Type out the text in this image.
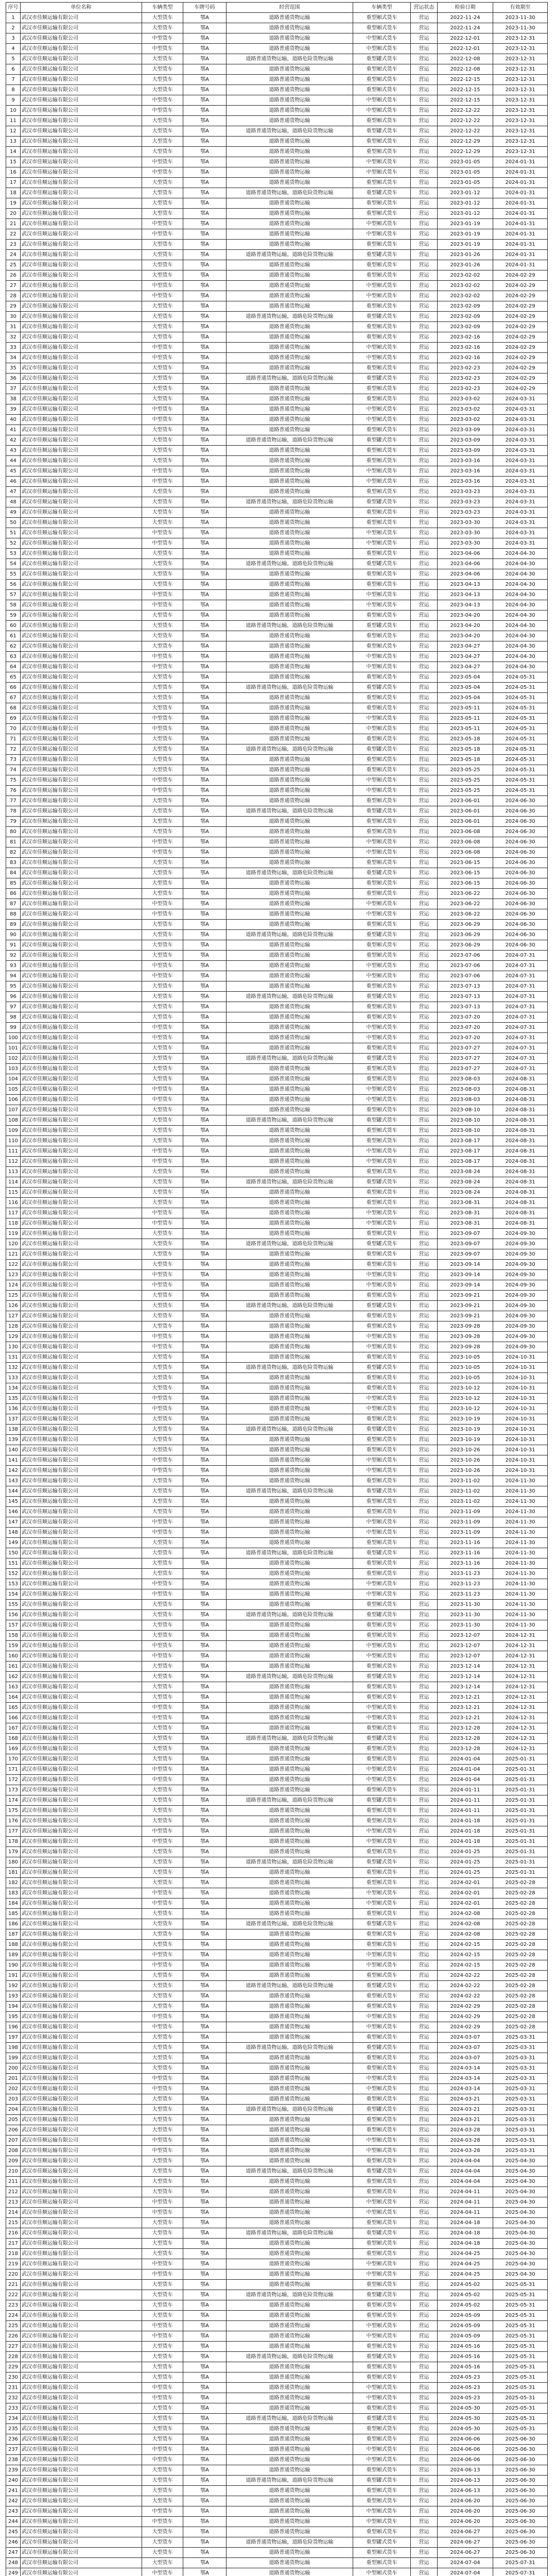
序号	单位名称	车辆类型	车牌号码	经营范围	车辆类型	营运状态	检验日期	有效期至
1	武汉市佳顺运输有限公司	大型货车	鄂A	道路普通货物运输	重型厢式货车	营运	2022-11-24	2023-11-30
2	武汉市佳顺运输有限公司	大型货车	鄂A	道路普通货物运输	重型厢式货车	营运	2022-11-24	2023-11-30
3	武汉市佳顺运输有限公司	中型货车	鄂A	道路普通货物运输	中型厢式货车	营运	2022-12-01	2023-12-31
4	武汉市佳顺运输有限公司	中型货车	鄂A	道路普通货物运输	中型厢式货车	营运	2022-12-01	2023-12-31
5	武汉市佳顺运输有限公司	大型货车	鄂A	道路普通货物运输，道路危险货物运输	重型罐式货车	营运	2022-12-08	2023-12-31
6	武汉市佳顺运输有限公司	大型货车	鄂A	道路普通货物运输	重型厢式货车	营运	2022-12-08	2023-12-31
7	武汉市佳顺运输有限公司	大型货车	鄂A	道路普通货物运输	重型厢式货车	营运	2022-12-15	2023-12-31
8	武汉市佳顺运输有限公司	大型货车	鄂A	道路普通货物运输	重型厢式货车	营运	2022-12-15	2023-12-31
9	武汉市佳顺运输有限公司	中型货车	鄂A	道路普通货物运输	中型厢式货车	营运	2022-12-15	2023-12-31
10	武汉市佳顺运输有限公司	中型货车	鄂A	道路普通货物运输	中型厢式货车	营运	2022-12-22	2023-12-31
11	武汉市佳顺运输有限公司	大型货车	鄂A	道路普通货物运输	重型厢式货车	营运	2022-12-22	2023-12-31
12	武汉市佳顺运输有限公司	大型货车	鄂A	道路普通货物运输，道路危险货物运输	重型罐式货车	营运	2022-12-22	2023-12-31
13	武汉市佳顺运输有限公司	大型货车	鄂A	道路普通货物运输	重型厢式货车	营运	2022-12-29	2023-12-31
14	武汉市佳顺运输有限公司	大型货车	鄂A	道路普通货物运输	重型厢式货车	营运	2022-12-29	2023-12-31
15	武汉市佳顺运输有限公司	中型货车	鄂A	道路普通货物运输	中型厢式货车	营运	2023-01-05	2024-01-31
16	武汉市佳顺运输有限公司	中型货车	鄂A	道路普通货物运输	中型厢式货车	营运	2023-01-05	2024-01-31
17	武汉市佳顺运输有限公司	大型货车	鄂A	道路普通货物运输	重型厢式货车	营运	2023-01-05	2024-01-31
18	武汉市佳顺运输有限公司	大型货车	鄂A	道路普通货物运输，道路危险货物运输	重型罐式货车	营运	2023-01-12	2024-01-31
19	武汉市佳顺运输有限公司	大型货车	鄂A	道路普通货物运输	重型厢式货车	营运	2023-01-12	2024-01-31
20	武汉市佳顺运输有限公司	大型货车	鄂A	道路普通货物运输	重型厢式货车	营运	2023-01-12	2024-01-31
21	武汉市佳顺运输有限公司	中型货车	鄂A	道路普通货物运输	中型厢式货车	营运	2023-01-19	2024-01-31
22	武汉市佳顺运输有限公司	中型货车	鄂A	道路普通货物运输	中型厢式货车	营运	2023-01-19	2024-01-31
23	武汉市佳顺运输有限公司	大型货车	鄂A	道路普通货物运输	重型厢式货车	营运	2023-01-19	2024-01-31
24	武汉市佳顺运输有限公司	大型货车	鄂A	道路普通货物运输，道路危险货物运输	重型罐式货车	营运	2023-01-26	2024-01-31
25	武汉市佳顺运输有限公司	大型货车	鄂A	道路普通货物运输	重型厢式货车	营运	2023-01-26	2024-01-31
26	武汉市佳顺运输有限公司	大型货车	鄂A	道路普通货物运输	重型厢式货车	营运	2023-02-02	2024-02-29
27	武汉市佳顺运输有限公司	中型货车	鄂A	道路普通货物运输	中型厢式货车	营运	2023-02-02	2024-02-29
28	武汉市佳顺运输有限公司	中型货车	鄂A	道路普通货物运输	中型厢式货车	营运	2023-02-02	2024-02-29
29	武汉市佳顺运输有限公司	大型货车	鄂A	道路普通货物运输	重型厢式货车	营运	2023-02-09	2024-02-29
30	武汉市佳顺运输有限公司	大型货车	鄂A	道路普通货物运输，道路危险货物运输	重型罐式货车	营运	2023-02-09	2024-02-29
31	武汉市佳顺运输有限公司	大型货车	鄂A	道路普通货物运输	重型厢式货车	营运	2023-02-09	2024-02-29
32	武汉市佳顺运输有限公司	大型货车	鄂A	道路普通货物运输	重型厢式货车	营运	2023-02-16	2024-02-29
33	武汉市佳顺运输有限公司	中型货车	鄂A	道路普通货物运输	中型厢式货车	营运	2023-02-16	2024-02-29
34	武汉市佳顺运输有限公司	中型货车	鄂A	道路普通货物运输	中型厢式货车	营运	2023-02-16	2024-02-29
35	武汉市佳顺运输有限公司	大型货车	鄂A	道路普通货物运输	重型厢式货车	营运	2023-02-23	2024-02-29
36	武汉市佳顺运输有限公司	大型货车	鄂A	道路普通货物运输，道路危险货物运输	重型罐式货车	营运	2023-02-23	2024-02-29
37	武汉市佳顺运输有限公司	大型货车	鄂A	道路普通货物运输	重型厢式货车	营运	2023-02-23	2024-02-29
38	武汉市佳顺运输有限公司	大型货车	鄂A	道路普通货物运输	重型厢式货车	营运	2023-03-02	2024-03-31
39	武汉市佳顺运输有限公司	中型货车	鄂A	道路普通货物运输	中型厢式货车	营运	2023-03-02	2024-03-31
40	武汉市佳顺运输有限公司	中型货车	鄂A	道路普通货物运输	中型厢式货车	营运	2023-03-02	2024-03-31
41	武汉市佳顺运输有限公司	大型货车	鄂A	道路普通货物运输	重型厢式货车	营运	2023-03-09	2024-03-31
42	武汉市佳顺运输有限公司	大型货车	鄂A	道路普通货物运输，道路危险货物运输	重型罐式货车	营运	2023-03-09	2024-03-31
43	武汉市佳顺运输有限公司	大型货车	鄂A	道路普通货物运输	重型厢式货车	营运	2023-03-09	2024-03-31
44	武汉市佳顺运输有限公司	大型货车	鄂A	道路普通货物运输	重型厢式货车	营运	2023-03-16	2024-03-31
45	武汉市佳顺运输有限公司	中型货车	鄂A	道路普通货物运输	中型厢式货车	营运	2023-03-16	2024-03-31
46	武汉市佳顺运输有限公司	中型货车	鄂A	道路普通货物运输	中型厢式货车	营运	2023-03-16	2024-03-31
47	武汉市佳顺运输有限公司	大型货车	鄂A	道路普通货物运输	重型厢式货车	营运	2023-03-23	2024-03-31
48	武汉市佳顺运输有限公司	大型货车	鄂A	道路普通货物运输，道路危险货物运输	重型罐式货车	营运	2023-03-23	2024-03-31
49	武汉市佳顺运输有限公司	大型货车	鄂A	道路普通货物运输	重型厢式货车	营运	2023-03-23	2024-03-31
50	武汉市佳顺运输有限公司	大型货车	鄂A	道路普通货物运输	重型厢式货车	营运	2023-03-30	2024-03-31
51	武汉市佳顺运输有限公司	中型货车	鄂A	道路普通货物运输	中型厢式货车	营运	2023-03-30	2024-03-31
52	武汉市佳顺运输有限公司	中型货车	鄂A	道路普通货物运输	中型厢式货车	营运	2023-03-30	2024-03-31
53	武汉市佳顺运输有限公司	大型货车	鄂A	道路普通货物运输	重型厢式货车	营运	2023-04-06	2024-04-30
54	武汉市佳顺运输有限公司	大型货车	鄂A	道路普通货物运输，道路危险货物运输	重型罐式货车	营运	2023-04-06	2024-04-30
55	武汉市佳顺运输有限公司	大型货车	鄂A	道路普通货物运输	重型厢式货车	营运	2023-04-06	2024-04-30
56	武汉市佳顺运输有限公司	大型货车	鄂A	道路普通货物运输	重型厢式货车	营运	2023-04-13	2024-04-30
57	武汉市佳顺运输有限公司	中型货车	鄂A	道路普通货物运输	中型厢式货车	营运	2023-04-13	2024-04-30
58	武汉市佳顺运输有限公司	中型货车	鄂A	道路普通货物运输	中型厢式货车	营运	2023-04-13	2024-04-30
59	武汉市佳顺运输有限公司	大型货车	鄂A	道路普通货物运输	重型厢式货车	营运	2023-04-20	2024-04-30
60	武汉市佳顺运输有限公司	大型货车	鄂A	道路普通货物运输，道路危险货物运输	重型罐式货车	营运	2023-04-20	2024-04-30
61	武汉市佳顺运输有限公司	大型货车	鄂A	道路普通货物运输	重型厢式货车	营运	2023-04-20	2024-04-30
62	武汉市佳顺运输有限公司	大型货车	鄂A	道路普通货物运输	重型厢式货车	营运	2023-04-27	2024-04-30
63	武汉市佳顺运输有限公司	中型货车	鄂A	道路普通货物运输	中型厢式货车	营运	2023-04-27	2024-04-30
64	武汉市佳顺运输有限公司	中型货车	鄂A	道路普通货物运输	中型厢式货车	营运	2023-04-27	2024-04-30
65	武汉市佳顺运输有限公司	大型货车	鄂A	道路普通货物运输	重型厢式货车	营运	2023-05-04	2024-05-31
66	武汉市佳顺运输有限公司	大型货车	鄂A	道路普通货物运输，道路危险货物运输	重型罐式货车	营运	2023-05-04	2024-05-31
67	武汉市佳顺运输有限公司	大型货车	鄂A	道路普通货物运输	重型厢式货车	营运	2023-05-04	2024-05-31
68	武汉市佳顺运输有限公司	大型货车	鄂A	道路普通货物运输	重型厢式货车	营运	2023-05-11	2024-05-31
69	武汉市佳顺运输有限公司	中型货车	鄂A	道路普通货物运输	中型厢式货车	营运	2023-05-11	2024-05-31
70	武汉市佳顺运输有限公司	中型货车	鄂A	道路普通货物运输	中型厢式货车	营运	2023-05-11	2024-05-31
71	武汉市佳顺运输有限公司	大型货车	鄂A	道路普通货物运输	重型厢式货车	营运	2023-05-18	2024-05-31
72	武汉市佳顺运输有限公司	大型货车	鄂A	道路普通货物运输，道路危险货物运输	重型罐式货车	营运	2023-05-18	2024-05-31
73	武汉市佳顺运输有限公司	大型货车	鄂A	道路普通货物运输	重型厢式货车	营运	2023-05-18	2024-05-31
74	武汉市佳顺运输有限公司	大型货车	鄂A	道路普通货物运输	重型厢式货车	营运	2023-05-25	2024-05-31
75	武汉市佳顺运输有限公司	中型货车	鄂A	道路普通货物运输	中型厢式货车	营运	2023-05-25	2024-05-31
76	武汉市佳顺运输有限公司	中型货车	鄂A	道路普通货物运输	中型厢式货车	营运	2023-05-25	2024-05-31
77	武汉市佳顺运输有限公司	大型货车	鄂A	道路普通货物运输	重型厢式货车	营运	2023-06-01	2024-06-30
78	武汉市佳顺运输有限公司	大型货车	鄂A	道路普通货物运输，道路危险货物运输	重型罐式货车	营运	2023-06-01	2024-06-30
79	武汉市佳顺运输有限公司	大型货车	鄂A	道路普通货物运输	重型厢式货车	营运	2023-06-01	2024-06-30
80	武汉市佳顺运输有限公司	大型货车	鄂A	道路普通货物运输	重型厢式货车	营运	2023-06-08	2024-06-30
81	武汉市佳顺运输有限公司	中型货车	鄂A	道路普通货物运输	中型厢式货车	营运	2023-06-08	2024-06-30
82	武汉市佳顺运输有限公司	中型货车	鄂A	道路普通货物运输	中型厢式货车	营运	2023-06-08	2024-06-30
83	武汉市佳顺运输有限公司	大型货车	鄂A	道路普通货物运输	重型厢式货车	营运	2023-06-15	2024-06-30
84	武汉市佳顺运输有限公司	大型货车	鄂A	道路普通货物运输，道路危险货物运输	重型罐式货车	营运	2023-06-15	2024-06-30
85	武汉市佳顺运输有限公司	大型货车	鄂A	道路普通货物运输	重型厢式货车	营运	2023-06-15	2024-06-30
86	武汉市佳顺运输有限公司	大型货车	鄂A	道路普通货物运输	重型厢式货车	营运	2023-06-22	2024-06-30
87	武汉市佳顺运输有限公司	中型货车	鄂A	道路普通货物运输	中型厢式货车	营运	2023-06-22	2024-06-30
88	武汉市佳顺运输有限公司	中型货车	鄂A	道路普通货物运输	中型厢式货车	营运	2023-06-22	2024-06-30
89	武汉市佳顺运输有限公司	大型货车	鄂A	道路普通货物运输	重型厢式货车	营运	2023-06-29	2024-06-30
90	武汉市佳顺运输有限公司	大型货车	鄂A	道路普通货物运输，道路危险货物运输	重型罐式货车	营运	2023-06-29	2024-06-30
91	武汉市佳顺运输有限公司	大型货车	鄂A	道路普通货物运输	重型厢式货车	营运	2023-06-29	2024-06-30
92	武汉市佳顺运输有限公司	大型货车	鄂A	道路普通货物运输	重型厢式货车	营运	2023-07-06	2024-07-31
93	武汉市佳顺运输有限公司	中型货车	鄂A	道路普通货物运输	中型厢式货车	营运	2023-07-06	2024-07-31
94	武汉市佳顺运输有限公司	中型货车	鄂A	道路普通货物运输	中型厢式货车	营运	2023-07-06	2024-07-31
95	武汉市佳顺运输有限公司	大型货车	鄂A	道路普通货物运输	重型厢式货车	营运	2023-07-13	2024-07-31
96	武汉市佳顺运输有限公司	大型货车	鄂A	道路普通货物运输，道路危险货物运输	重型罐式货车	营运	2023-07-13	2024-07-31
97	武汉市佳顺运输有限公司	大型货车	鄂A	道路普通货物运输	重型厢式货车	营运	2023-07-13	2024-07-31
98	武汉市佳顺运输有限公司	大型货车	鄂A	道路普通货物运输	重型厢式货车	营运	2023-07-20	2024-07-31
99	武汉市佳顺运输有限公司	中型货车	鄂A	道路普通货物运输	中型厢式货车	营运	2023-07-20	2024-07-31
100	武汉市佳顺运输有限公司	中型货车	鄂A	道路普通货物运输	中型厢式货车	营运	2023-07-20	2024-07-31
101	武汉市佳顺运输有限公司	大型货车	鄂A	道路普通货物运输	重型厢式货车	营运	2023-07-27	2024-07-31
102	武汉市佳顺运输有限公司	大型货车	鄂A	道路普通货物运输，道路危险货物运输	重型罐式货车	营运	2023-07-27	2024-07-31
103	武汉市佳顺运输有限公司	大型货车	鄂A	道路普通货物运输	重型厢式货车	营运	2023-07-27	2024-07-31
104	武汉市佳顺运输有限公司	大型货车	鄂A	道路普通货物运输	重型厢式货车	营运	2023-08-03	2024-08-31
105	武汉市佳顺运输有限公司	中型货车	鄂A	道路普通货物运输	中型厢式货车	营运	2023-08-03	2024-08-31
106	武汉市佳顺运输有限公司	中型货车	鄂A	道路普通货物运输	中型厢式货车	营运	2023-08-03	2024-08-31
107	武汉市佳顺运输有限公司	大型货车	鄂A	道路普通货物运输	重型厢式货车	营运	2023-08-10	2024-08-31
108	武汉市佳顺运输有限公司	大型货车	鄂A	道路普通货物运输，道路危险货物运输	重型罐式货车	营运	2023-08-10	2024-08-31
109	武汉市佳顺运输有限公司	大型货车	鄂A	道路普通货物运输	重型厢式货车	营运	2023-08-10	2024-08-31
110	武汉市佳顺运输有限公司	大型货车	鄂A	道路普通货物运输	重型厢式货车	营运	2023-08-17	2024-08-31
111	武汉市佳顺运输有限公司	中型货车	鄂A	道路普通货物运输	中型厢式货车	营运	2023-08-17	2024-08-31
112	武汉市佳顺运输有限公司	中型货车	鄂A	道路普通货物运输	中型厢式货车	营运	2023-08-17	2024-08-31
113	武汉市佳顺运输有限公司	大型货车	鄂A	道路普通货物运输	重型厢式货车	营运	2023-08-24	2024-08-31
114	武汉市佳顺运输有限公司	大型货车	鄂A	道路普通货物运输，道路危险货物运输	重型罐式货车	营运	2023-08-24	2024-08-31
115	武汉市佳顺运输有限公司	大型货车	鄂A	道路普通货物运输	重型厢式货车	营运	2023-08-24	2024-08-31
116	武汉市佳顺运输有限公司	大型货车	鄂A	道路普通货物运输	重型厢式货车	营运	2023-08-31	2024-08-31
117	武汉市佳顺运输有限公司	中型货车	鄂A	道路普通货物运输	中型厢式货车	营运	2023-08-31	2024-08-31
118	武汉市佳顺运输有限公司	中型货车	鄂A	道路普通货物运输	中型厢式货车	营运	2023-08-31	2024-08-31
119	武汉市佳顺运输有限公司	大型货车	鄂A	道路普通货物运输	重型厢式货车	营运	2023-09-07	2024-09-30
120	武汉市佳顺运输有限公司	大型货车	鄂A	道路普通货物运输，道路危险货物运输	重型罐式货车	营运	2023-09-07	2024-09-30
121	武汉市佳顺运输有限公司	大型货车	鄂A	道路普通货物运输	重型厢式货车	营运	2023-09-07	2024-09-30
122	武汉市佳顺运输有限公司	大型货车	鄂A	道路普通货物运输	重型厢式货车	营运	2023-09-14	2024-09-30
123	武汉市佳顺运输有限公司	中型货车	鄂A	道路普通货物运输	中型厢式货车	营运	2023-09-14	2024-09-30
124	武汉市佳顺运输有限公司	中型货车	鄂A	道路普通货物运输	中型厢式货车	营运	2023-09-14	2024-09-30
125	武汉市佳顺运输有限公司	大型货车	鄂A	道路普通货物运输	重型厢式货车	营运	2023-09-21	2024-09-30
126	武汉市佳顺运输有限公司	大型货车	鄂A	道路普通货物运输，道路危险货物运输	重型罐式货车	营运	2023-09-21	2024-09-30
127	武汉市佳顺运输有限公司	大型货车	鄂A	道路普通货物运输	重型厢式货车	营运	2023-09-21	2024-09-30
128	武汉市佳顺运输有限公司	大型货车	鄂A	道路普通货物运输	重型厢式货车	营运	2023-09-28	2024-09-30
129	武汉市佳顺运输有限公司	中型货车	鄂A	道路普通货物运输	中型厢式货车	营运	2023-09-28	2024-09-30
130	武汉市佳顺运输有限公司	中型货车	鄂A	道路普通货物运输	中型厢式货车	营运	2023-09-28	2024-09-30
131	武汉市佳顺运输有限公司	大型货车	鄂A	道路普通货物运输	重型厢式货车	营运	2023-10-05	2024-10-31
132	武汉市佳顺运输有限公司	大型货车	鄂A	道路普通货物运输，道路危险货物运输	重型罐式货车	营运	2023-10-05	2024-10-31
133	武汉市佳顺运输有限公司	大型货车	鄂A	道路普通货物运输	重型厢式货车	营运	2023-10-05	2024-10-31
134	武汉市佳顺运输有限公司	大型货车	鄂A	道路普通货物运输	重型厢式货车	营运	2023-10-12	2024-10-31
135	武汉市佳顺运输有限公司	中型货车	鄂A	道路普通货物运输	中型厢式货车	营运	2023-10-12	2024-10-31
136	武汉市佳顺运输有限公司	中型货车	鄂A	道路普通货物运输	中型厢式货车	营运	2023-10-12	2024-10-31
137	武汉市佳顺运输有限公司	大型货车	鄂A	道路普通货物运输	重型厢式货车	营运	2023-10-19	2024-10-31
138	武汉市佳顺运输有限公司	大型货车	鄂A	道路普通货物运输，道路危险货物运输	重型罐式货车	营运	2023-10-19	2024-10-31
139	武汉市佳顺运输有限公司	大型货车	鄂A	道路普通货物运输	重型厢式货车	营运	2023-10-19	2024-10-31
140	武汉市佳顺运输有限公司	大型货车	鄂A	道路普通货物运输	重型厢式货车	营运	2023-10-26	2024-10-31
141	武汉市佳顺运输有限公司	中型货车	鄂A	道路普通货物运输	中型厢式货车	营运	2023-10-26	2024-10-31
142	武汉市佳顺运输有限公司	中型货车	鄂A	道路普通货物运输	中型厢式货车	营运	2023-10-26	2024-10-31
143	武汉市佳顺运输有限公司	大型货车	鄂A	道路普通货物运输	重型厢式货车	营运	2023-11-02	2024-11-30
144	武汉市佳顺运输有限公司	大型货车	鄂A	道路普通货物运输，道路危险货物运输	重型罐式货车	营运	2023-11-02	2024-11-30
145	武汉市佳顺运输有限公司	大型货车	鄂A	道路普通货物运输	重型厢式货车	营运	2023-11-02	2024-11-30
146	武汉市佳顺运输有限公司	大型货车	鄂A	道路普通货物运输	重型厢式货车	营运	2023-11-09	2024-11-30
147	武汉市佳顺运输有限公司	中型货车	鄂A	道路普通货物运输	中型厢式货车	营运	2023-11-09	2024-11-30
148	武汉市佳顺运输有限公司	中型货车	鄂A	道路普通货物运输	中型厢式货车	营运	2023-11-09	2024-11-30
149	武汉市佳顺运输有限公司	大型货车	鄂A	道路普通货物运输	重型厢式货车	营运	2023-11-16	2024-11-30
150	武汉市佳顺运输有限公司	大型货车	鄂A	道路普通货物运输，道路危险货物运输	重型罐式货车	营运	2023-11-16	2024-11-30
151	武汉市佳顺运输有限公司	大型货车	鄂A	道路普通货物运输	重型厢式货车	营运	2023-11-16	2024-11-30
152	武汉市佳顺运输有限公司	大型货车	鄂A	道路普通货物运输	重型厢式货车	营运	2023-11-23	2024-11-30
153	武汉市佳顺运输有限公司	中型货车	鄂A	道路普通货物运输	中型厢式货车	营运	2023-11-23	2024-11-30
154	武汉市佳顺运输有限公司	中型货车	鄂A	道路普通货物运输	中型厢式货车	营运	2023-11-23	2024-11-30
155	武汉市佳顺运输有限公司	大型货车	鄂A	道路普通货物运输	重型厢式货车	营运	2023-11-30	2024-11-30
156	武汉市佳顺运输有限公司	大型货车	鄂A	道路普通货物运输，道路危险货物运输	重型罐式货车	营运	2023-11-30	2024-11-30
157	武汉市佳顺运输有限公司	大型货车	鄂A	道路普通货物运输	重型厢式货车	营运	2023-11-30	2024-11-30
158	武汉市佳顺运输有限公司	大型货车	鄂A	道路普通货物运输	重型厢式货车	营运	2023-12-07	2024-12-31
159	武汉市佳顺运输有限公司	中型货车	鄂A	道路普通货物运输	中型厢式货车	营运	2023-12-07	2024-12-31
160	武汉市佳顺运输有限公司	中型货车	鄂A	道路普通货物运输	中型厢式货车	营运	2023-12-07	2024-12-31
161	武汉市佳顺运输有限公司	大型货车	鄂A	道路普通货物运输	重型厢式货车	营运	2023-12-14	2024-12-31
162	武汉市佳顺运输有限公司	大型货车	鄂A	道路普通货物运输，道路危险货物运输	重型罐式货车	营运	2023-12-14	2024-12-31
163	武汉市佳顺运输有限公司	大型货车	鄂A	道路普通货物运输	重型厢式货车	营运	2023-12-14	2024-12-31
164	武汉市佳顺运输有限公司	大型货车	鄂A	道路普通货物运输	重型厢式货车	营运	2023-12-21	2024-12-31
165	武汉市佳顺运输有限公司	中型货车	鄂A	道路普通货物运输	中型厢式货车	营运	2023-12-21	2024-12-31
166	武汉市佳顺运输有限公司	中型货车	鄂A	道路普通货物运输	中型厢式货车	营运	2023-12-21	2024-12-31
167	武汉市佳顺运输有限公司	大型货车	鄂A	道路普通货物运输	重型厢式货车	营运	2023-12-28	2024-12-31
168	武汉市佳顺运输有限公司	大型货车	鄂A	道路普通货物运输，道路危险货物运输	重型罐式货车	营运	2023-12-28	2024-12-31
169	武汉市佳顺运输有限公司	大型货车	鄂A	道路普通货物运输	重型厢式货车	营运	2023-12-28	2024-12-31
170	武汉市佳顺运输有限公司	大型货车	鄂A	道路普通货物运输	重型厢式货车	营运	2024-01-04	2025-01-31
171	武汉市佳顺运输有限公司	中型货车	鄂A	道路普通货物运输	中型厢式货车	营运	2024-01-04	2025-01-31
172	武汉市佳顺运输有限公司	中型货车	鄂A	道路普通货物运输	中型厢式货车	营运	2024-01-04	2025-01-31
173	武汉市佳顺运输有限公司	大型货车	鄂A	道路普通货物运输	重型厢式货车	营运	2024-01-11	2025-01-31
174	武汉市佳顺运输有限公司	大型货车	鄂A	道路普通货物运输，道路危险货物运输	重型罐式货车	营运	2024-01-11	2025-01-31
175	武汉市佳顺运输有限公司	大型货车	鄂A	道路普通货物运输	重型厢式货车	营运	2024-01-11	2025-01-31
176	武汉市佳顺运输有限公司	大型货车	鄂A	道路普通货物运输	重型厢式货车	营运	2024-01-18	2025-01-31
177	武汉市佳顺运输有限公司	中型货车	鄂A	道路普通货物运输	中型厢式货车	营运	2024-01-18	2025-01-31
178	武汉市佳顺运输有限公司	中型货车	鄂A	道路普通货物运输	中型厢式货车	营运	2024-01-18	2025-01-31
179	武汉市佳顺运输有限公司	大型货车	鄂A	道路普通货物运输	重型厢式货车	营运	2024-01-25	2025-01-31
180	武汉市佳顺运输有限公司	大型货车	鄂A	道路普通货物运输，道路危险货物运输	重型罐式货车	营运	2024-01-25	2025-01-31
181	武汉市佳顺运输有限公司	大型货车	鄂A	道路普通货物运输	重型厢式货车	营运	2024-01-25	2025-01-31
182	武汉市佳顺运输有限公司	大型货车	鄂A	道路普通货物运输	重型厢式货车	营运	2024-02-01	2025-02-28
183	武汉市佳顺运输有限公司	中型货车	鄂A	道路普通货物运输	中型厢式货车	营运	2024-02-01	2025-02-28
184	武汉市佳顺运输有限公司	中型货车	鄂A	道路普通货物运输	中型厢式货车	营运	2024-02-01	2025-02-28
185	武汉市佳顺运输有限公司	大型货车	鄂A	道路普通货物运输	重型厢式货车	营运	2024-02-08	2025-02-28
186	武汉市佳顺运输有限公司	大型货车	鄂A	道路普通货物运输，道路危险货物运输	重型罐式货车	营运	2024-02-08	2025-02-28
187	武汉市佳顺运输有限公司	大型货车	鄂A	道路普通货物运输	重型厢式货车	营运	2024-02-08	2025-02-28
188	武汉市佳顺运输有限公司	大型货车	鄂A	道路普通货物运输	重型厢式货车	营运	2024-02-15	2025-02-28
189	武汉市佳顺运输有限公司	中型货车	鄂A	道路普通货物运输	中型厢式货车	营运	2024-02-15	2025-02-28
190	武汉市佳顺运输有限公司	中型货车	鄂A	道路普通货物运输	中型厢式货车	营运	2024-02-15	2025-02-28
191	武汉市佳顺运输有限公司	大型货车	鄂A	道路普通货物运输	重型厢式货车	营运	2024-02-22	2025-02-28
192	武汉市佳顺运输有限公司	大型货车	鄂A	道路普通货物运输，道路危险货物运输	重型罐式货车	营运	2024-02-22	2025-02-28
193	武汉市佳顺运输有限公司	大型货车	鄂A	道路普通货物运输	重型厢式货车	营运	2024-02-22	2025-02-28
194	武汉市佳顺运输有限公司	大型货车	鄂A	道路普通货物运输	重型厢式货车	营运	2024-02-29	2025-02-28
195	武汉市佳顺运输有限公司	中型货车	鄂A	道路普通货物运输	中型厢式货车	营运	2024-02-29	2025-02-28
196	武汉市佳顺运输有限公司	中型货车	鄂A	道路普通货物运输	中型厢式货车	营运	2024-02-29	2025-02-28
197	武汉市佳顺运输有限公司	大型货车	鄂A	道路普通货物运输	重型厢式货车	营运	2024-03-07	2025-03-31
198	武汉市佳顺运输有限公司	大型货车	鄂A	道路普通货物运输，道路危险货物运输	重型罐式货车	营运	2024-03-07	2025-03-31
199	武汉市佳顺运输有限公司	大型货车	鄂A	道路普通货物运输	重型厢式货车	营运	2024-03-07	2025-03-31
200	武汉市佳顺运输有限公司	大型货车	鄂A	道路普通货物运输	重型厢式货车	营运	2024-03-14	2025-03-31
201	武汉市佳顺运输有限公司	中型货车	鄂A	道路普通货物运输	中型厢式货车	营运	2024-03-14	2025-03-31
202	武汉市佳顺运输有限公司	中型货车	鄂A	道路普通货物运输	中型厢式货车	营运	2024-03-14	2025-03-31
203	武汉市佳顺运输有限公司	大型货车	鄂A	道路普通货物运输	重型厢式货车	营运	2024-03-21	2025-03-31
204	武汉市佳顺运输有限公司	大型货车	鄂A	道路普通货物运输，道路危险货物运输	重型罐式货车	营运	2024-03-21	2025-03-31
205	武汉市佳顺运输有限公司	大型货车	鄂A	道路普通货物运输	重型厢式货车	营运	2024-03-21	2025-03-31
206	武汉市佳顺运输有限公司	大型货车	鄂A	道路普通货物运输	重型厢式货车	营运	2024-03-28	2025-03-31
207	武汉市佳顺运输有限公司	中型货车	鄂A	道路普通货物运输	中型厢式货车	营运	2024-03-28	2025-03-31
208	武汉市佳顺运输有限公司	中型货车	鄂A	道路普通货物运输	中型厢式货车	营运	2024-03-28	2025-03-31
209	武汉市佳顺运输有限公司	大型货车	鄂A	道路普通货物运输	重型厢式货车	营运	2024-04-04	2025-04-30
210	武汉市佳顺运输有限公司	大型货车	鄂A	道路普通货物运输，道路危险货物运输	重型罐式货车	营运	2024-04-04	2025-04-30
211	武汉市佳顺运输有限公司	大型货车	鄂A	道路普通货物运输	重型厢式货车	营运	2024-04-04	2025-04-30
212	武汉市佳顺运输有限公司	大型货车	鄂A	道路普通货物运输	重型厢式货车	营运	2024-04-11	2025-04-30
213	武汉市佳顺运输有限公司	中型货车	鄂A	道路普通货物运输	中型厢式货车	营运	2024-04-11	2025-04-30
214	武汉市佳顺运输有限公司	中型货车	鄂A	道路普通货物运输	中型厢式货车	营运	2024-04-11	2025-04-30
215	武汉市佳顺运输有限公司	大型货车	鄂A	道路普通货物运输	重型厢式货车	营运	2024-04-18	2025-04-30
216	武汉市佳顺运输有限公司	大型货车	鄂A	道路普通货物运输，道路危险货物运输	重型罐式货车	营运	2024-04-18	2025-04-30
217	武汉市佳顺运输有限公司	大型货车	鄂A	道路普通货物运输	重型厢式货车	营运	2024-04-18	2025-04-30
218	武汉市佳顺运输有限公司	大型货车	鄂A	道路普通货物运输	重型厢式货车	营运	2024-04-25	2025-04-30
219	武汉市佳顺运输有限公司	中型货车	鄂A	道路普通货物运输	中型厢式货车	营运	2024-04-25	2025-04-30
220	武汉市佳顺运输有限公司	中型货车	鄂A	道路普通货物运输	中型厢式货车	营运	2024-04-25	2025-04-30
221	武汉市佳顺运输有限公司	大型货车	鄂A	道路普通货物运输	重型厢式货车	营运	2024-05-02	2025-05-31
222	武汉市佳顺运输有限公司	大型货车	鄂A	道路普通货物运输，道路危险货物运输	重型罐式货车	营运	2024-05-02	2025-05-31
223	武汉市佳顺运输有限公司	大型货车	鄂A	道路普通货物运输	重型厢式货车	营运	2024-05-02	2025-05-31
224	武汉市佳顺运输有限公司	大型货车	鄂A	道路普通货物运输	重型厢式货车	营运	2024-05-09	2025-05-31
225	武汉市佳顺运输有限公司	中型货车	鄂A	道路普通货物运输	中型厢式货车	营运	2024-05-09	2025-05-31
226	武汉市佳顺运输有限公司	中型货车	鄂A	道路普通货物运输	中型厢式货车	营运	2024-05-09	2025-05-31
227	武汉市佳顺运输有限公司	大型货车	鄂A	道路普通货物运输	重型厢式货车	营运	2024-05-16	2025-05-31
228	武汉市佳顺运输有限公司	大型货车	鄂A	道路普通货物运输，道路危险货物运输	重型罐式货车	营运	2024-05-16	2025-05-31
229	武汉市佳顺运输有限公司	大型货车	鄂A	道路普通货物运输	重型厢式货车	营运	2024-05-16	2025-05-31
230	武汉市佳顺运输有限公司	大型货车	鄂A	道路普通货物运输	重型厢式货车	营运	2024-05-23	2025-05-31
231	武汉市佳顺运输有限公司	中型货车	鄂A	道路普通货物运输	中型厢式货车	营运	2024-05-23	2025-05-31
232	武汉市佳顺运输有限公司	中型货车	鄂A	道路普通货物运输	中型厢式货车	营运	2024-05-23	2025-05-31
233	武汉市佳顺运输有限公司	大型货车	鄂A	道路普通货物运输	重型厢式货车	营运	2024-05-30	2025-05-31
234	武汉市佳顺运输有限公司	大型货车	鄂A	道路普通货物运输，道路危险货物运输	重型罐式货车	营运	2024-05-30	2025-05-31
235	武汉市佳顺运输有限公司	大型货车	鄂A	道路普通货物运输	重型厢式货车	营运	2024-05-30	2025-05-31
236	武汉市佳顺运输有限公司	大型货车	鄂A	道路普通货物运输	重型厢式货车	营运	2024-06-06	2025-06-30
237	武汉市佳顺运输有限公司	中型货车	鄂A	道路普通货物运输	中型厢式货车	营运	2024-06-06	2025-06-30
238	武汉市佳顺运输有限公司	中型货车	鄂A	道路普通货物运输	中型厢式货车	营运	2024-06-06	2025-06-30
239	武汉市佳顺运输有限公司	大型货车	鄂A	道路普通货物运输	重型厢式货车	营运	2024-06-13	2025-06-30
240	武汉市佳顺运输有限公司	大型货车	鄂A	道路普通货物运输，道路危险货物运输	重型罐式货车	营运	2024-06-13	2025-06-30
241	武汉市佳顺运输有限公司	大型货车	鄂A	道路普通货物运输	重型厢式货车	营运	2024-06-13	2025-06-30
242	武汉市佳顺运输有限公司	大型货车	鄂A	道路普通货物运输	重型厢式货车	营运	2024-06-20	2025-06-30
243	武汉市佳顺运输有限公司	中型货车	鄂A	道路普通货物运输	中型厢式货车	营运	2024-06-20	2025-06-30
244	武汉市佳顺运输有限公司	中型货车	鄂A	道路普通货物运输	中型厢式货车	营运	2024-06-20	2025-06-30
245	武汉市佳顺运输有限公司	大型货车	鄂A	道路普通货物运输	重型厢式货车	营运	2024-06-27	2025-06-30
246	武汉市佳顺运输有限公司	大型货车	鄂A	道路普通货物运输，道路危险货物运输	重型罐式货车	营运	2024-06-27	2025-06-30
247	武汉市佳顺运输有限公司	大型货车	鄂A	道路普通货物运输	重型厢式货车	营运	2024-06-27	2025-06-30
248	武汉市佳顺运输有限公司	大型货车	鄂A	道路普通货物运输	重型厢式货车	营运	2024-07-04	2025-07-31
249	武汉市佳顺运输有限公司	中型货车	鄂A	道路普通货物运输	中型厢式货车	营运	2024-07-04	2025-07-31
